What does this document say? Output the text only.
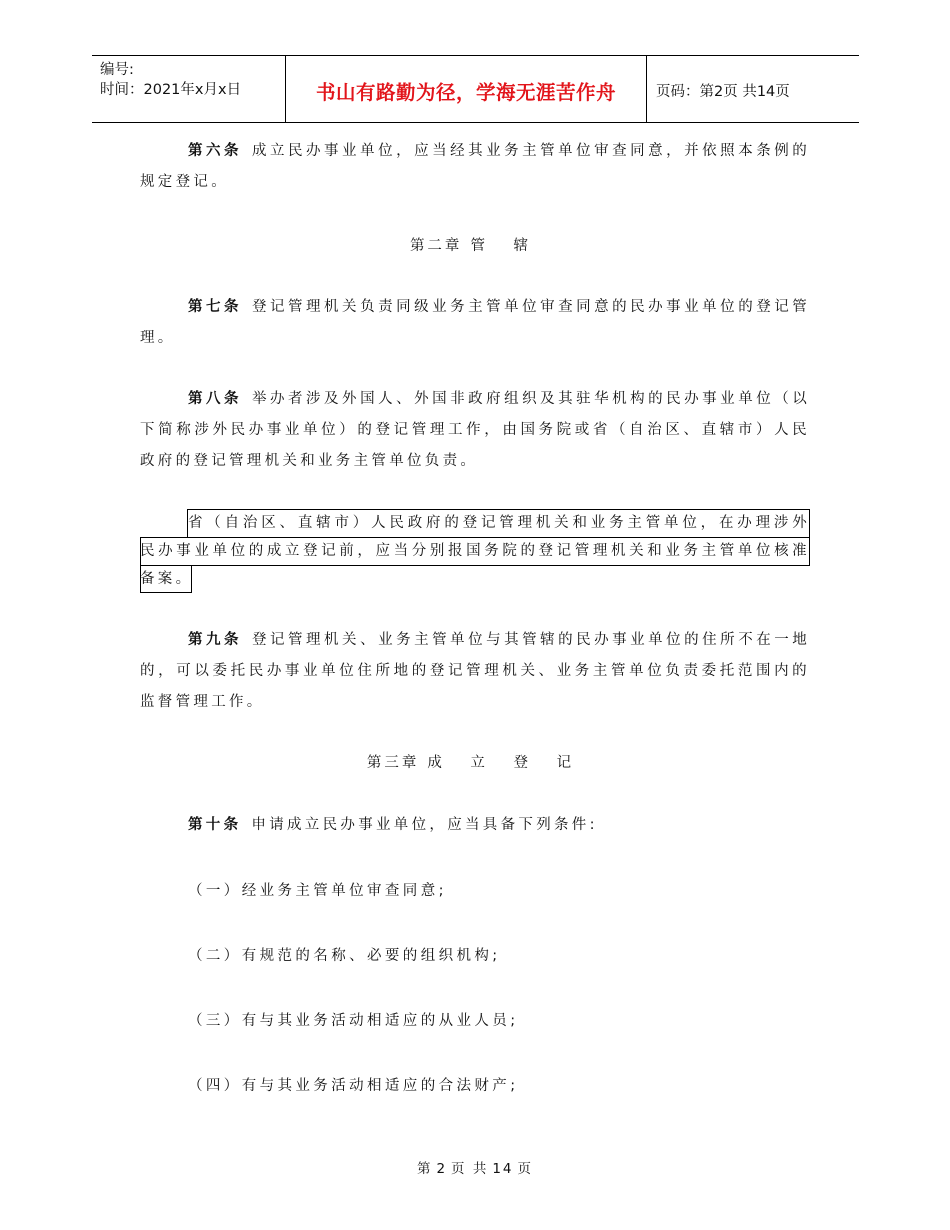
编号:
时间：2021年x月x日	书山有路勤为径，学海无涯苦作舟	页码：第2页 共14页

第六条 成立民办事业单位，应当经其业务主管单位审查同意，并依照本条例的规定登记。

第二章 管 辖

第七条 登记管理机关负责同级业务主管单位审查同意的民办事业单位的登记管理。

第八条 举办者涉及外国人、外国非政府组织及其驻华机构的民办事业单位（以下简称涉外民办事业单位）的登记管理工作，由国务院或省（自治区、直辖市）人民政府的登记管理机关和业务主管单位负责。

省（自治区、直辖市）人民政府的登记管理机关和业务主管单位，在办理涉外民办事业单位的成立登记前，应当分别报国务院的登记管理机关和业务主管单位核准备案。

第九条 登记管理机关、业务主管单位与其管辖的民办事业单位的住所不在一地的，可以委托民办事业单位住所地的登记管理机关、业务主管单位负责委托范围内的监督管理工作。

第三章 成 立 登 记

第十条 申请成立民办事业单位，应当具备下列条件:

（一）经业务主管单位审查同意;

（二）有规范的名称、必要的组织机构;

（三）有与其业务活动相适应的从业人员;

（四）有与其业务活动相适应的合法财产;

第 2 页 共 14 页
